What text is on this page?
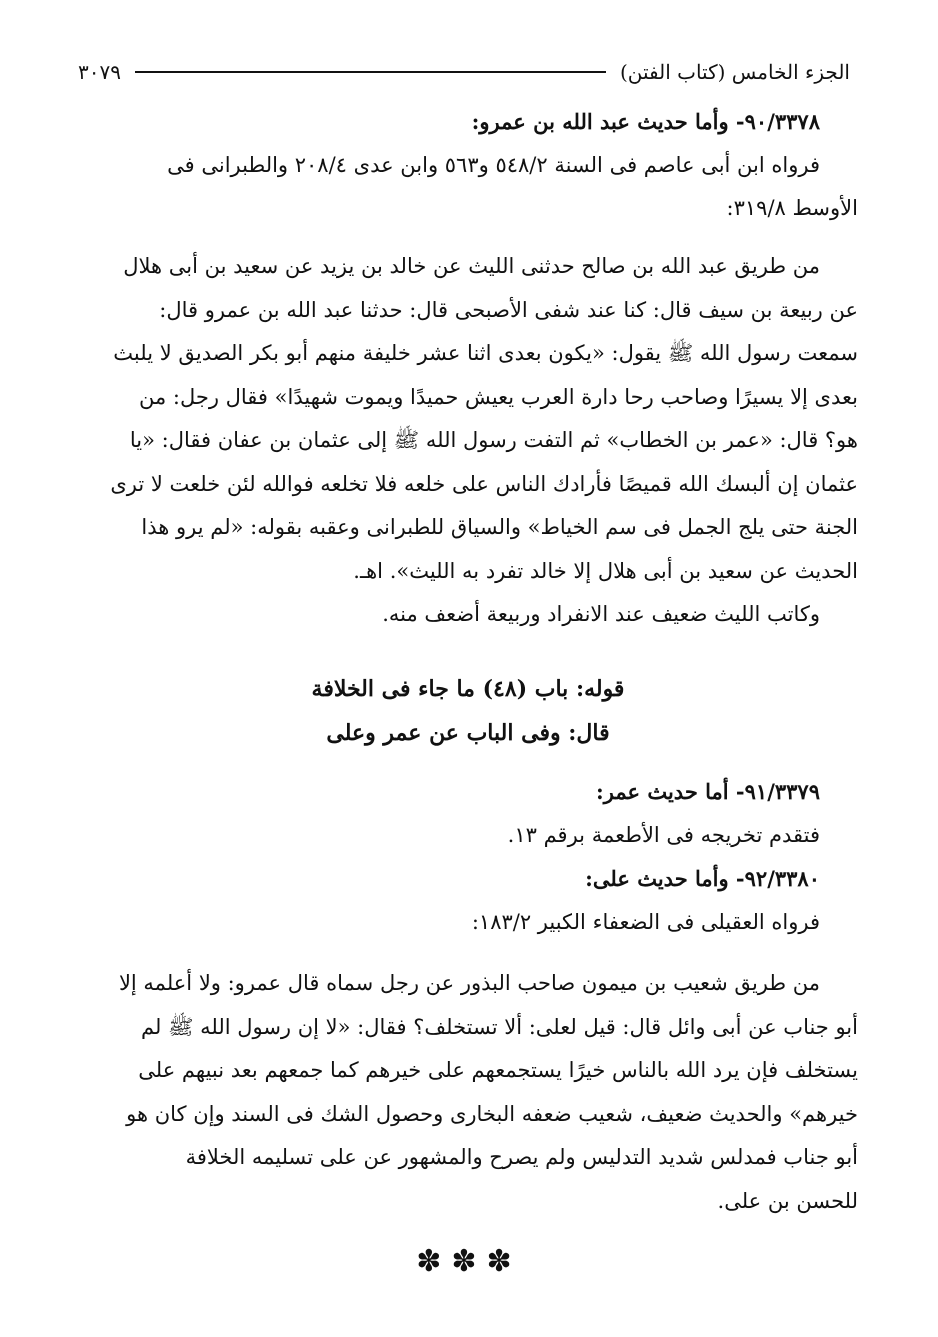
الجزء الخامس (كتاب الفتن)
٣٠٧٩
٩٠/٣٣٧٨- وأما حديث عبد الله بن عمرو:
فرواه ابن أبى عاصم فى السنة ٥٤٨/٢ و٥٦٣ وابن عدى ٢٠٨/٤ والطبرانى فى
الأوسط ٣١٩/٨:
من طريق عبد الله بن صالح حدثنى الليث عن خالد بن يزيد عن سعيد بن أبى هلال
عن ربيعة بن سيف قال: كنا عند شفى الأصبحى قال: حدثنا عبد الله بن عمرو قال:
سمعت رسول الله ﷺ يقول: «يكون بعدى اثنا عشر خليفة منهم أبو بكر الصديق لا يلبث
بعدى إلا يسيرًا وصاحب رحا دارة العرب يعيش حميدًا ويموت شهيدًا» فقال رجل: من
هو؟ قال: «عمر بن الخطاب» ثم التفت رسول الله ﷺ إلى عثمان بن عفان فقال: «يا
عثمان إن ألبسك الله قميصًا فأرادك الناس على خلعه فلا تخلعه فوالله لئن خلعت لا ترى
الجنة حتى يلج الجمل فى سم الخياط» والسياق للطبرانى وعقبه بقوله: «لم يرو هذا
الحديث عن سعيد بن أبى هلال إلا خالد تفرد به الليث». اهـ.
وكاتب الليث ضعيف عند الانفراد وربيعة أضعف منه.
قوله: باب (٤٨) ما جاء فى الخلافة
قال: وفى الباب عن عمر وعلى
٩١/٣٣٧٩- أما حديث عمر:
فتقدم تخريجه فى الأطعمة برقم ١٣.
٩٢/٣٣٨٠- وأما حديث على:
فرواه العقيلى فى الضعفاء الكبير ١٨٣/٢:
من طريق شعيب بن ميمون صاحب البذور عن رجل سماه قال عمرو: ولا أعلمه إلا
أبو جناب عن أبى وائل قال: قيل لعلى: ألا تستخلف؟ فقال: «لا إن رسول الله ﷺ لم
يستخلف فإن يرد الله بالناس خيرًا يستجمعهم على خيرهم كما جمعهم بعد نبيهم على
خيرهم» والحديث ضعيف، شعيب ضعفه البخارى وحصول الشك فى السند وإن كان هو
أبو جناب فمدلس شديد التدليس ولم يصرح والمشهور عن على تسليمه الخلافة
للحسن بن على.
✽✽✽
